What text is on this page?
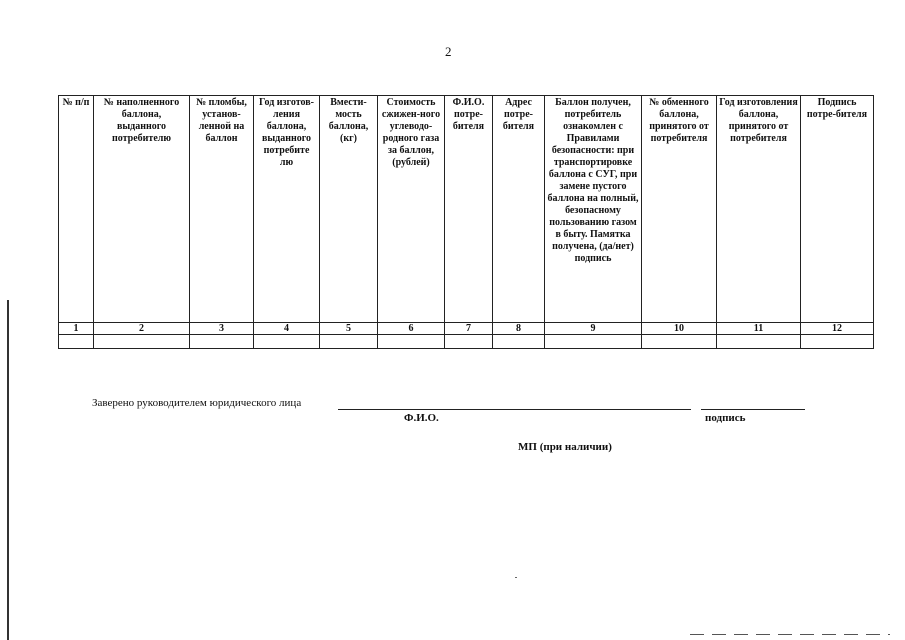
2
№ п/п	№ наполненного баллона, выданного потребителю	№ пломбы, установ-ленной на баллон	Год изготов-ления баллона, выданного потребите лю	Вмести-мость баллона, (кг)	Стоимость сжижен-ного углеводо-родного газа за баллон, (рублей)	Ф.И.О. потре-бителя	Адрес потре-бителя	Баллон получен, потребитель ознакомлен с Правилами безопасности: при транспортировке баллона с СУГ, при замене пустого баллона на полный, безопасному пользованию газом в быту. Памятка получена, (да/нет) подпись	№ обменного баллона, принятого от потребителя	Год изготовления баллона, принятого от потребителя	Подпись потре-бителя
1	2	3	4	5	6	7	8	9	10	11	12

Заверено руководителем юридического лица
Ф.И.О.	подпись
МП (при наличии)
